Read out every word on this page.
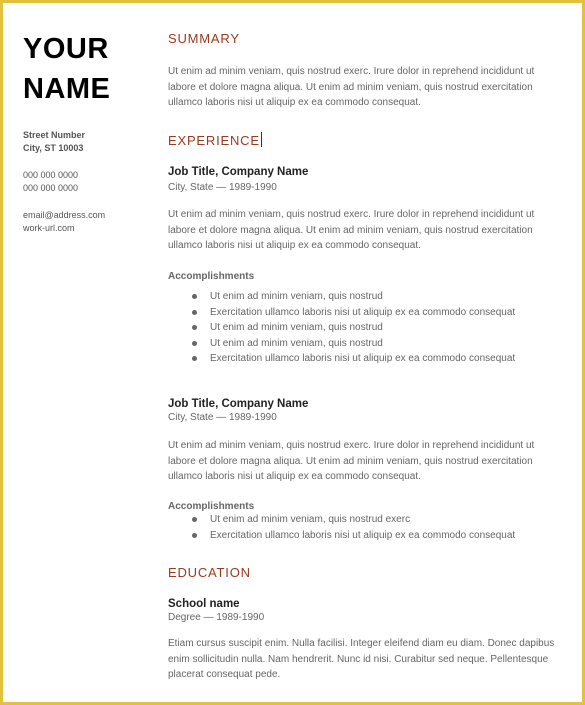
YOUR
NAME
Street Number
City, ST 10003
000 000 0000
000 000 0000
email@address.com
work-url.com
SUMMARY
Ut enim ad minim veniam, quis nostrud exerc. Irure dolor in reprehend incididunt ut labore et dolore magna aliqua. Ut enim ad minim veniam, quis nostrud exercitation ullamco laboris nisi ut aliquip ex ea commodo consequat.
EXPERIENCE
Job Title, Company Name
City, State — 1989-1990
Ut enim ad minim veniam, quis nostrud exerc. Irure dolor in reprehend incididunt ut labore et dolore magna aliqua. Ut enim ad minim veniam, quis nostrud exercitation ullamco laboris nisi ut aliquip ex ea commodo consequat.
Accomplishments
Ut enim ad minim veniam, quis nostrud
Exercitation ullamco laboris nisi ut aliquip ex ea commodo consequat
Ut enim ad minim veniam, quis nostrud
Ut enim ad minim veniam, quis nostrud
Exercitation ullamco laboris nisi ut aliquip ex ea commodo consequat
Job Title, Company Name
City, State — 1989-1990
Ut enim ad minim veniam, quis nostrud exerc. Irure dolor in reprehend incididunt ut labore et dolore magna aliqua. Ut enim ad minim veniam, quis nostrud exercitation ullamco laboris nisi ut aliquip ex ea commodo consequat.
Accomplishments
Ut enim ad minim veniam, quis nostrud exerc
Exercitation ullamco laboris nisi ut aliquip ex ea commodo consequat
EDUCATION
School name
Degree — 1989-1990
Etiam cursus suscipit enim. Nulla facilisi. Integer eleifend diam eu diam. Donec dapibus enim sollicitudin nulla. Nam hendrerit. Nunc id nisi. Curabitur sed neque. Pellentesque placerat consequat pede.
